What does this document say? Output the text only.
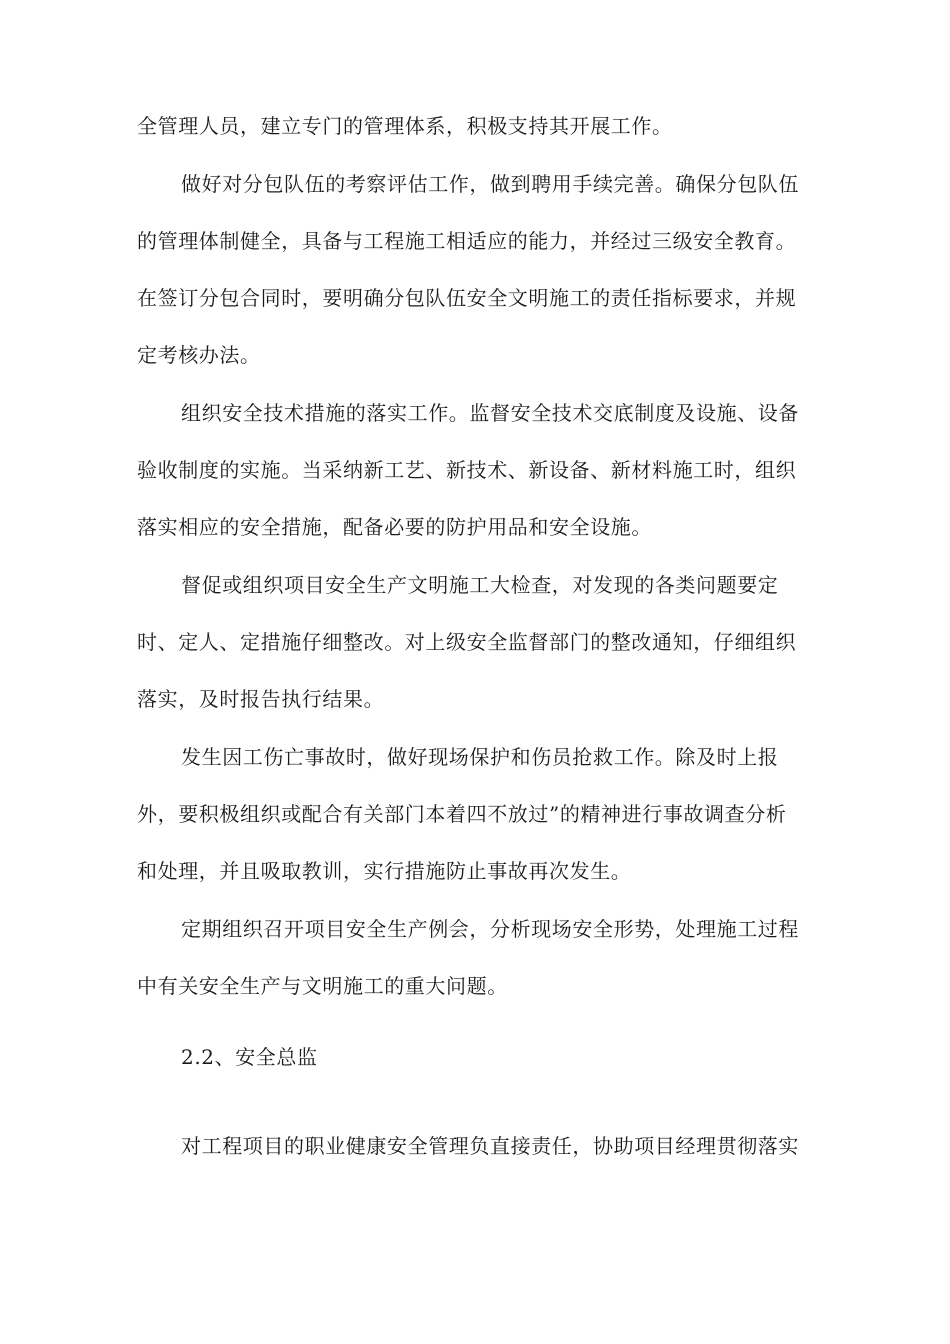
全管理人员，建立专门的管理体系，积极支持其开展工作。
做好对分包队伍的考察评估工作，做到聘用手续完善。确保分包队伍
的管理体制健全，具备与工程施工相适应的能力，并经过三级安全教育。
在签订分包合同时，要明确分包队伍安全文明施工的责任指标要求，并规
定考核办法。
组织安全技术措施的落实工作。监督安全技术交底制度及设施、设备
验收制度的实施。当采纳新工艺、新技术、新设备、新材料施工时，组织
落实相应的安全措施，配备必要的防护用品和安全设施。
督促或组织项目安全生产文明施工大检查，对发现的各类问题要定
时、定人、定措施仔细整改。对上级安全监督部门的整改通知，仔细组织
落实，及时报告执行结果。
发生因工伤亡事故时，做好现场保护和伤员抢救工作。除及时上报
外，要积极组织或配合有关部门本着四不放过”的精神进行事故调查分析
和处理，并且吸取教训，实行措施防止事故再次发生。
定期组织召开项目安全生产例会，分析现场安全形势，处理施工过程
中有关安全生产与文明施工的重大问题。
2.2、安全总监
对工程项目的职业健康安全管理负直接责任，协助项目经理贯彻落实
